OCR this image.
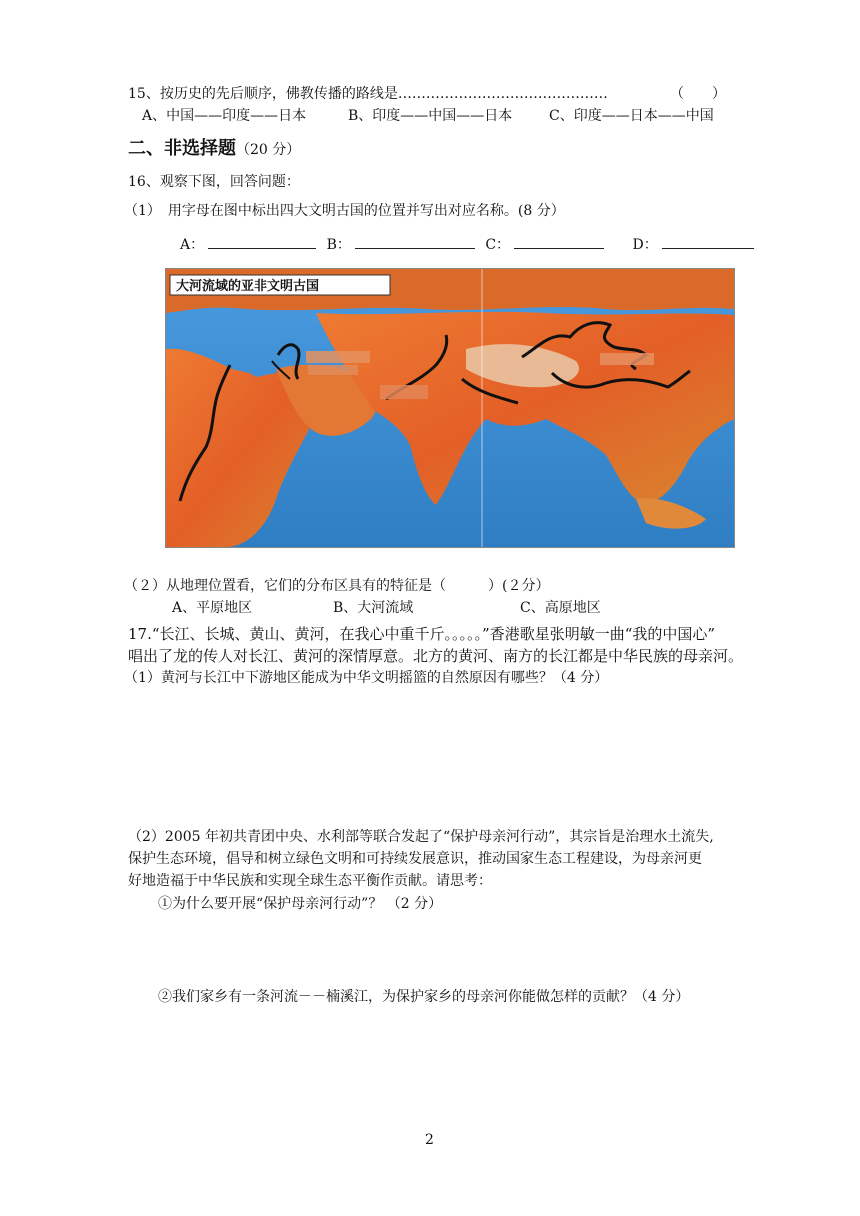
15、按历史的先后顺序，佛教传播的路线是………………………………………	（　　）
A、中国——印度——日本	B、印度——中国——日本	C、印度——日本——中国
二、非选择题（20 分）
16、观察下图，回答问题：
（1）　用字母在图中标出四大文明古国的位置并写出对应名称。(8 分）
A：	B：	C：	D：
大河流域的亚非文明古国
（２）从地理位置看，它们的分布区具有的特征是（　　　）(２分）
A、平原地区	B、大河流域	C、高原地区
17.“长江、长城、黄山、黄河，在我心中重千斤。。。。。”香港歌星张明敏一曲“我的中国心”
唱出了龙的传人对长江、黄河的深情厚意。北方的黄河、南方的长江都是中华民族的母亲河。
（1）黄河与长江中下游地区能成为中华文明摇篮的自然原因有哪些？（4 分）
（2）2005 年初共青团中央、水利部等联合发起了“保护母亲河行动”，其宗旨是治理水土流失,
保护生态环境，倡导和树立绿色文明和可持续发展意识，推动国家生态工程建设，为母亲河更
好地造福于中华民族和实现全球生态平衡作贡献。请思考：
①为什么要开展“保护母亲河行动”？ （2 分）
②我们家乡有一条河流－－楠溪江，为保护家乡的母亲河你能做怎样的贡献？（4 分）
2
